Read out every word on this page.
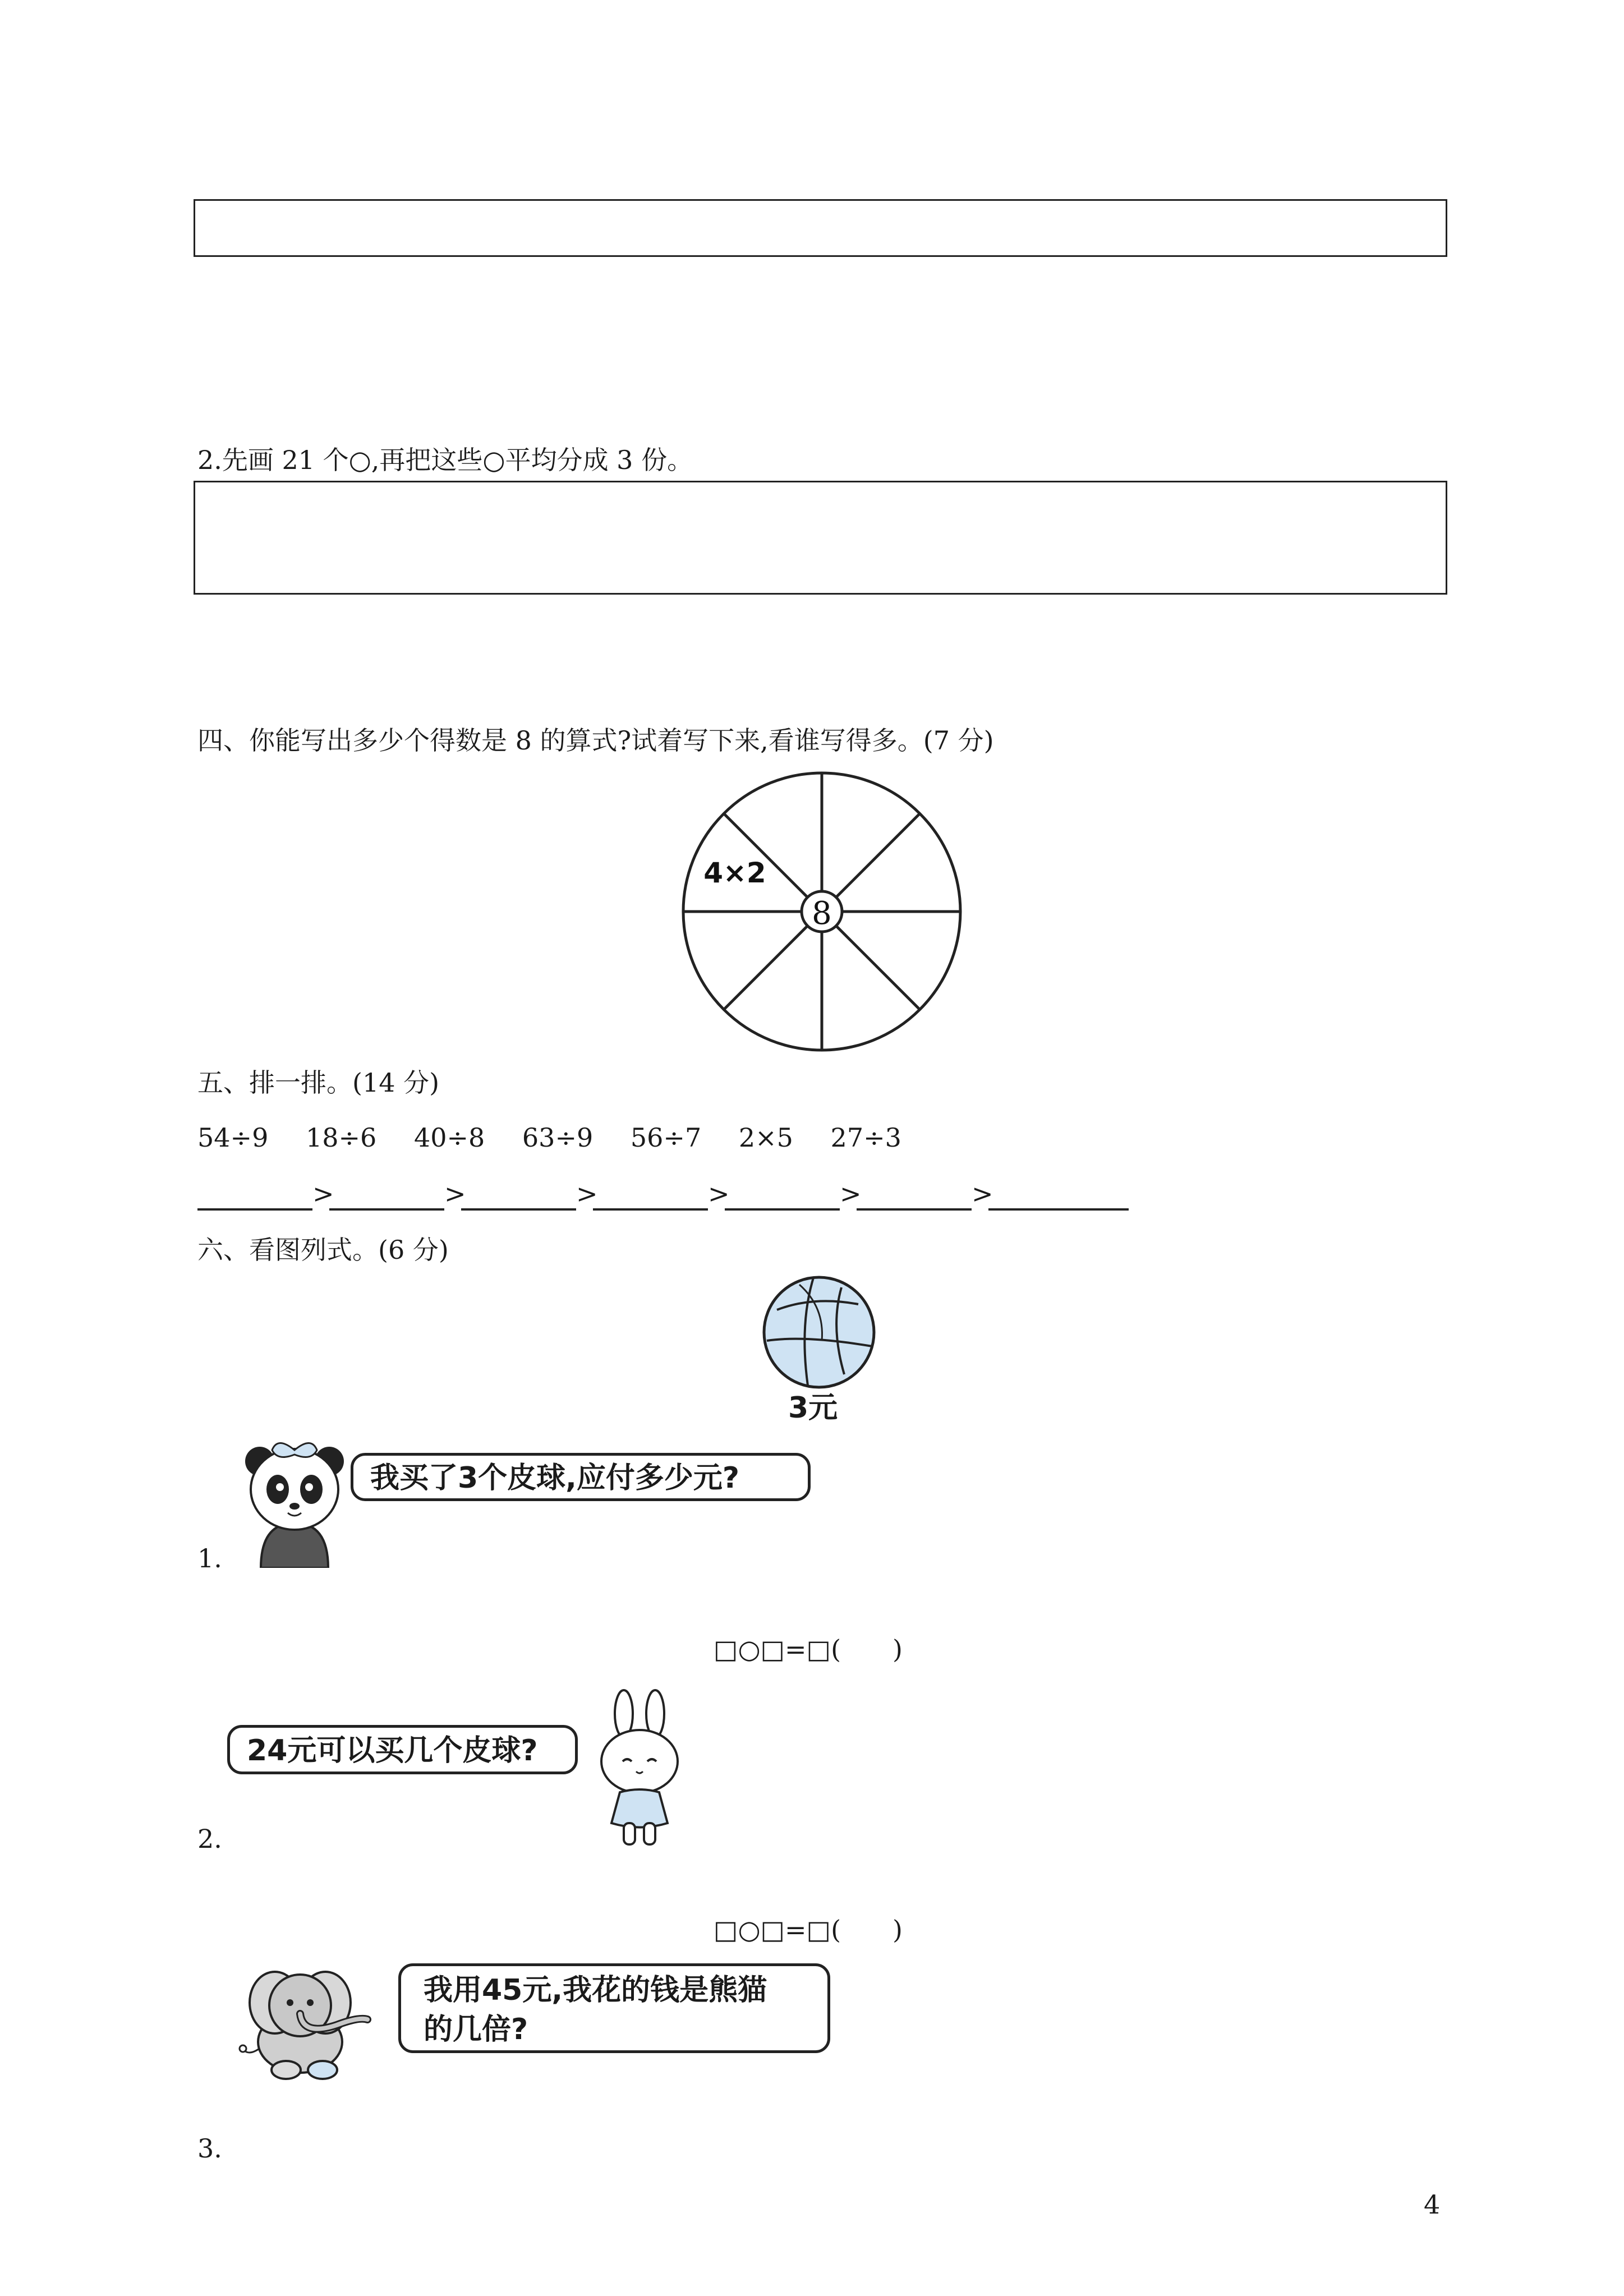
2.先画 21 个○,再把这些○平均分成 3 份。
四、你能写出多少个得数是 8 的算式?试着写下来,看谁写得多。(7 分)
8
4×2
五、排一排。(14 分)
54÷9 18÷6 40÷8 63÷9 56÷7 2×5 27÷3
>	>	>	>	>	>
六、看图列式。(6 分)
3元
我买了3个皮球,应付多少元?
1.
□○□=□(　　)
24元可以买几个皮球?
2.
□○□=□(　　)
我用45元,我花的钱是熊猫
的几倍?
3.
4
